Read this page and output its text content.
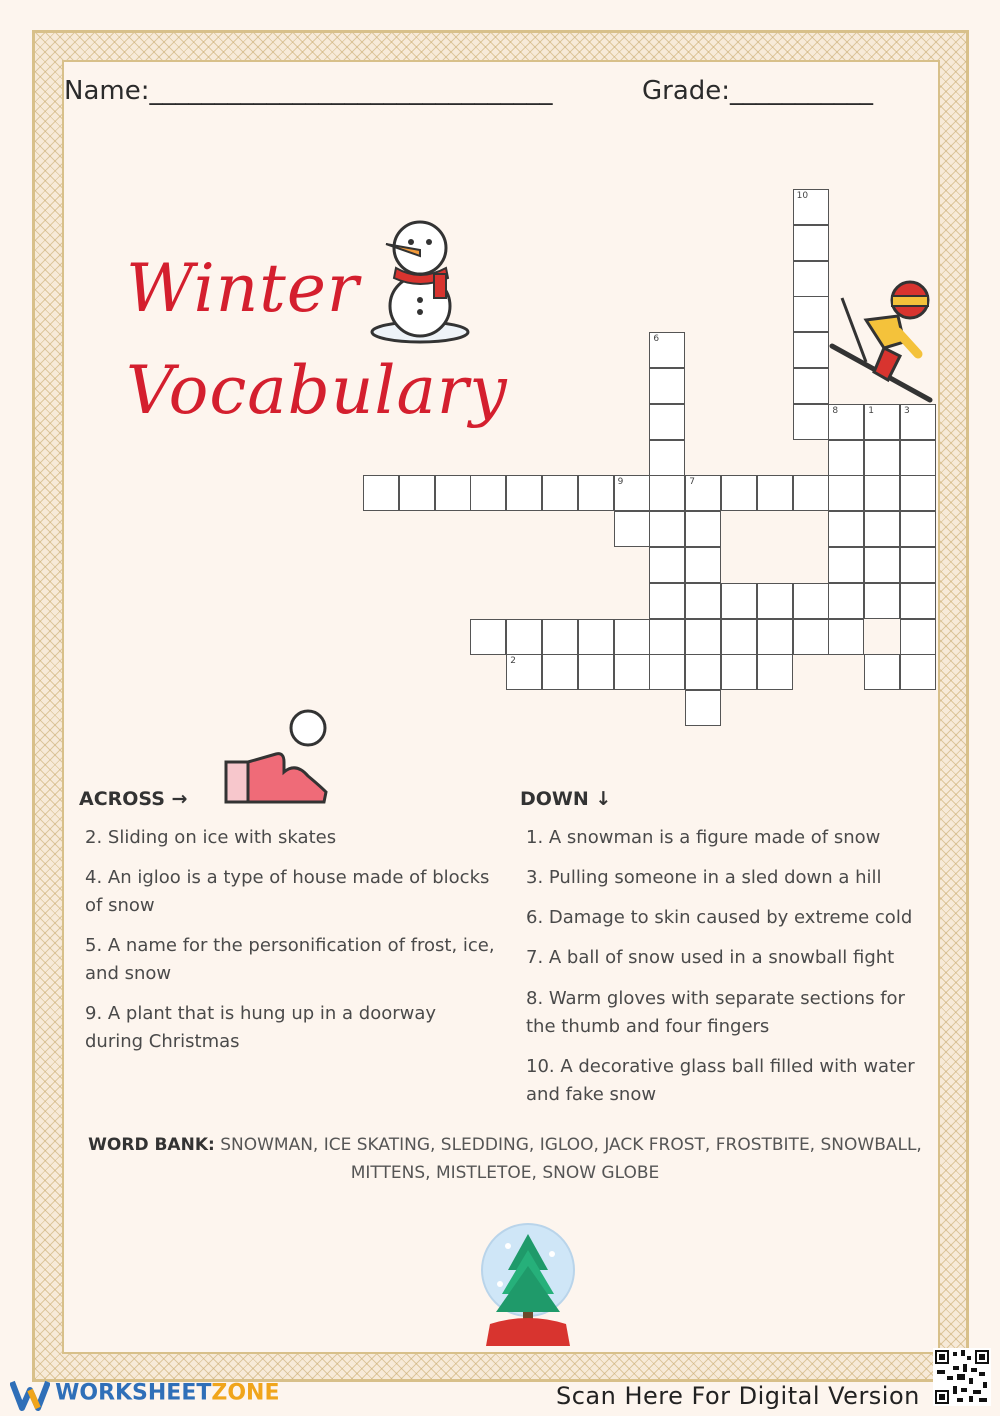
Name:_______________________________	Grade:___________
Winter
Vocabulary
10
6
8	1	3
9	7
2
ACROSS →	DOWN ↓
2. Sliding on ice with skates
4. An igloo is a type of house made of blocks of snow
5. A name for the personification of frost, ice, and snow
9. A plant that is hung up in a doorway during Christmas
1. A snowman is a figure made of snow
3. Pulling someone in a sled down a hill
6. Damage to skin caused by extreme cold
7. A ball of snow used in a snowball fight
8. Warm gloves with separate sections for the thumb and four fingers
10. A decorative glass ball filled with water and fake snow
WORD BANK: SNOWMAN, ICE SKATING, SLEDDING, IGLOO, JACK FROST, FROSTBITE, SNOWBALL, MITTENS, MISTLETOE, SNOW GLOBE
WORKSHEETZONE	Scan Here For Digital Version
